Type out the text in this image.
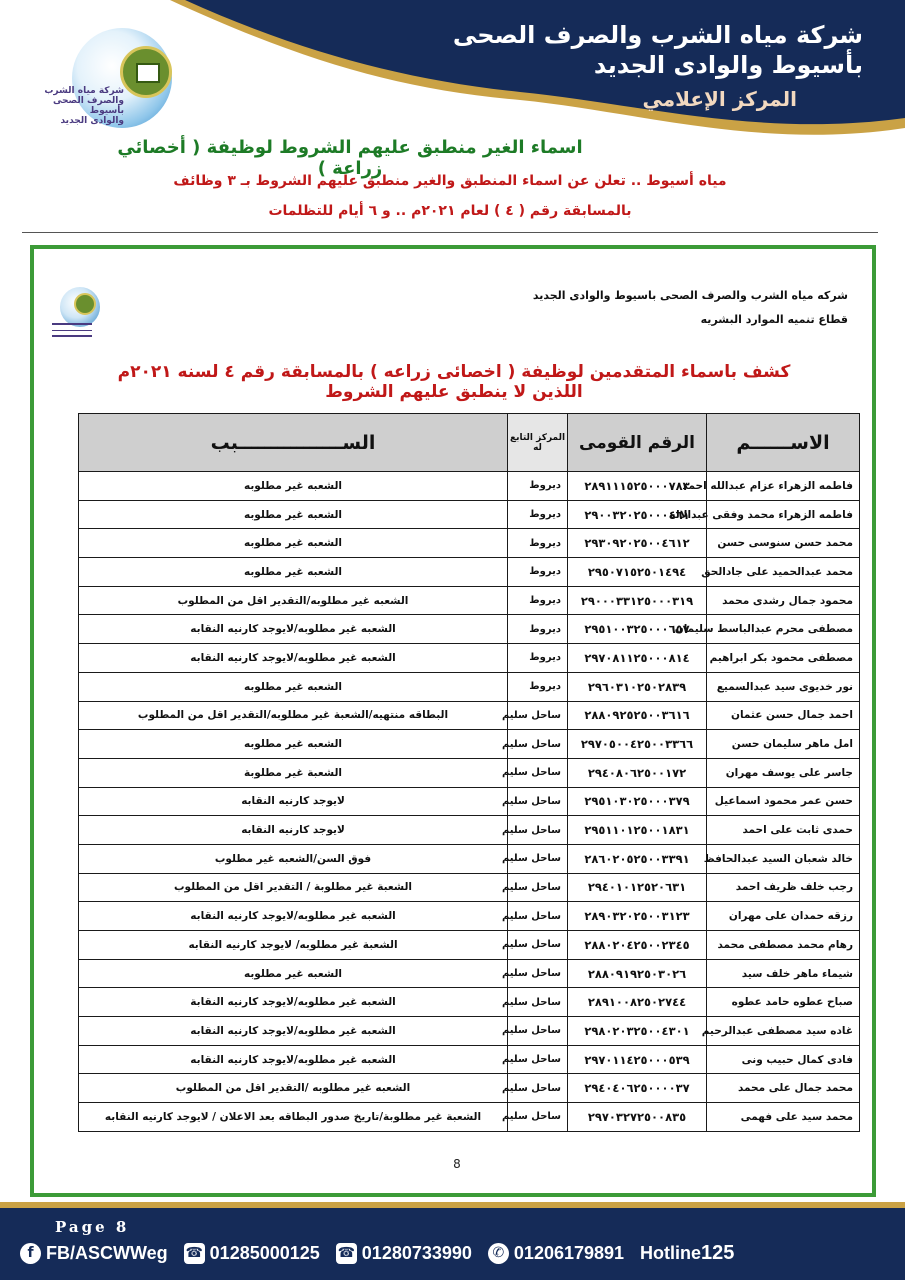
شركة مياه الشرب والصرف الصحى
بأسيوط والوادى الجديد
المركز الإعلامي
شركة مياه الشرب
والصرف الصحى بأسيوط
والوادى الجديد
اسماء الغير منطبق عليهم الشروط لوظيفة ( أخصائي زراعة )
مياه أسيوط .. تعلن عن اسماء المنطبق والغير منطبق عليهم الشروط بـ ٣ وظائف
بالمسابقة رقم ( ٤ ) لعام ٢٠٢١م .. و ٦ أيام للتظلمات
شركه مياه الشرب والصرف الصحى باسيوط والوادى الجديد
قطاع تنميه الموارد البشريه
كشف باسماء المتقدمين لوظيفة ( اخصائى زراعه ) بالمسابقة رقم ٤ لسنه ٢٠٢١م اللذين لا ينطبق عليهم الشروط
الاســــــم	الرقم القومى	المركز التابع له	الســــــــــــــــبب
فاطمه الزهراء عزام عبدالله احمد	٢٨٩١١١٥٢٥٠٠٠٧٨٣	ديروط	الشعبه غير مطلوبه
فاطمه الزهراء محمد وفقى عبدالاله	٢٩٠٠٣٢٠٢٥٠٠٠٤٦١	ديروط	الشعبه غير مطلوبه
محمد حسن سنوسى حسن	٢٩٣٠٩٢٠٢٥٠٠٤٦١٢	ديروط	الشعبه غير مطلوبه
محمد عبدالحميد على جادالحق	٢٩٥٠٧١٥٢٥٠١٤٩٤	ديروط	الشعبه غير مطلوبه
محمود جمال رشدى محمد	٢٩٠٠٠٣٣١٢٥٠٠٠٣١٩	ديروط	الشعبه غير مطلوبه/التقدير اقل من المطلوب
مصطفى محرم عبدالباسط سليمان	٢٩٥١٠٠٣٢٥٠٠٠٦٥٧	ديروط	الشعبه غير مطلوبه/لايوجد كارنيه النقابه
مصطفى محمود بكر ابراهيم	٢٩٧٠٨١١٢٥٠٠٠٨١٤	ديروط	الشعبه غير مطلوبه/لايوجد كارنيه النقابه
نور خديوى سيد عبدالسميع	٢٩٦٠٣١٠٢٥٠٢٨٣٩	ديروط	الشعبه غير مطلوبه
احمد جمال حسن عثمان	٢٨٨٠٩٢٥٢٥٠٠٣٦١٦	ساحل سليم	البطاقه منتهيه/الشعبة غير مطلوبه/التقدير اقل من المطلوب
امل ماهر سليمان حسن	٢٩٧٠٥٠٠٤٢٥٠٠٣٣٦٦	ساحل سليم	الشعبه غير مطلوبه
جاسر على يوسف مهران	٢٩٤٠٨٠٦٢٥٠٠١٧٢	ساحل سليم	الشعبة غير مطلوبة
حسن عمر محمود اسماعيل	٢٩٥١٠٣٠٢٥٠٠٠٣٧٩	ساحل سليم	لايوجد كارنيه النقابه
حمدى ثابت على احمد	٢٩٥١١٠١٢٥٠٠١٨٣١	ساحل سليم	لايوجد كارنيه النقابه
خالد شعبان السيد عبدالحافظ	٢٨٦٠٢٠٥٢٥٠٠٣٣٩١	ساحل سليم	فوق السن/الشعبه غير مطلوب
رجب خلف ظريف احمد	٢٩٤٠١٠١٢٥٢٠٦٣١	ساحل سليم	الشعبة غير مطلوبة / التقدير اقل من المطلوب
رزقه حمدان على مهران	٢٨٩٠٣٢٠٢٥٠٠٣١٢٣	ساحل سليم	الشعبه غير مطلوبه/لايوجد كارنيه النقابه
رهام محمد مصطفى محمد	٢٨٨٠٢٠٤٢٥٠٠٢٣٤٥	ساحل سليم	الشعبة غير مطلوبه/ لايوجد كارنيه النقابه
شيماء ماهر خلف سيد	٢٨٨٠٩١٩٢٥٠٣٠٢٦	ساحل سليم	الشعبه غير مطلوبه
صباح عطوه حامد عطوه	٢٨٩١٠٠٨٢٥٠٢٧٤٤	ساحل سليم	الشعبه غير مطلوبه/لايوجد كارنيه النقابة
غاده سيد مصطفى عبدالرحيم	٢٩٨٠٢٠٣٢٥٠٠٤٣٠١	ساحل سليم	الشعبه غير مطلوبه/لايوجد كارنيه النقابه
فادى كمال حبيب ونى	٢٩٧٠١١٤٢٥٠٠٠٥٣٩	ساحل سليم	الشعبه غير مطلوبه/لايوجد كارنيه النقابه
محمد جمال على محمد	٢٩٤٠٤٠٦٢٥٠٠٠٠٣٧	ساحل سليم	الشعبه غير مطلوبه /التقدير اقل من المطلوب
محمد سيد على فهمى	٢٩٧٠٣٢٧٢٥٠٠٨٣٥	ساحل سليم	الشعبة غير مطلوبة/تاريخ صدور البطاقه بعد الاعلان / لايوجد كارنيه النقابه
8
Page 8
f FB/ASCWWeg ☎ 01285000125 ☎ 01280733990	✆ 01206179891 Hotline 125
